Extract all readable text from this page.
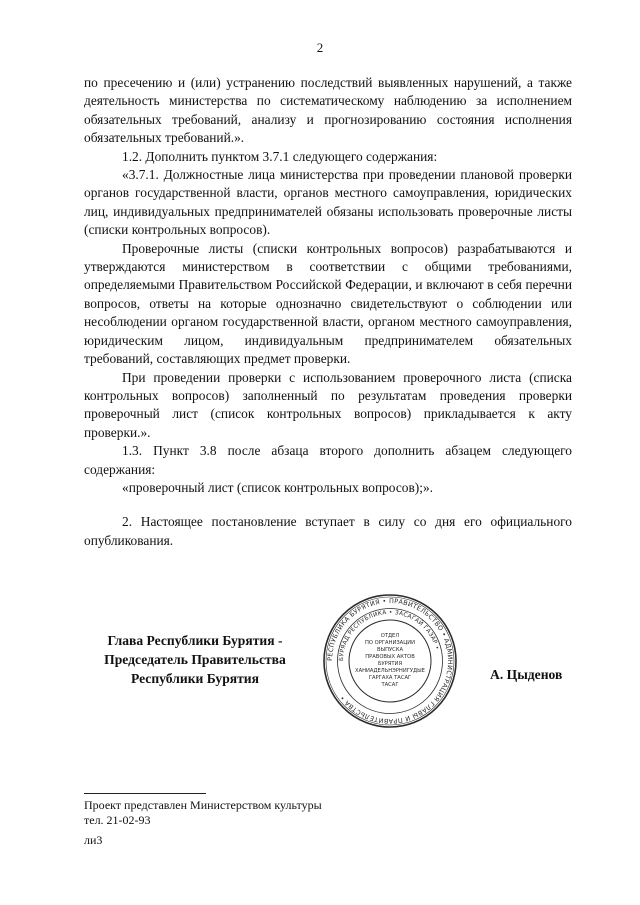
2

по пресечению и (или) устранению последствий выявленных нарушений, а также деятельность министерства по систематическому наблюдению за исполнением обязательных требований, анализу и прогнозированию состояния исполнения обязательных требований.».

1.2. Дополнить пунктом 3.7.1 следующего содержания:

«3.7.1. Должностные лица министерства при проведении плановой проверки органов государственной власти, органов местного самоуправления, юридических лиц, индивидуальных предпринимателей обязаны использовать проверочные листы (списки контрольных вопросов).

Проверочные листы (списки контрольных вопросов) разрабатываются и утверждаются министерством в соответствии с общими требованиями, определяемыми Правительством Российской Федерации, и включают в себя перечни вопросов, ответы на которые однозначно свидетельствуют о соблюдении или несоблюдении органом государственной власти, органом местного самоуправления, юридическим лицом, индивидуальным предпринимателем обязательных требований, составляющих предмет проверки.

При проведении проверки с использованием проверочного листа (списка контрольных вопросов) заполненный по результатам проведения проверки проверочный лист (список контрольных вопросов) прикладывается к акту проверки.».

1.3. Пункт 3.8 после абзаца второго дополнить абзацем следующего содержания:

«проверочный лист (список контрольных вопросов);».

2. Настоящее постановление вступает в силу со дня его официального опубликования.

Глава Республики Бурятия -
Председатель Правительства
Республики Бурятия
РЕСПУБЛИКА БУРЯТИЯ • ПРАВИТЕЛЬСТВО • АДМИНИСТРАЦИЯ ГЛАВЫ И ПРАВИТЕЛЬСТВА •
БУРЯАД РЕСПУБЛИКА • ЗАСАГАЙ ГАЗАР •
ОТДЕЛ
ПО ОРГАНИЗАЦИИ
ВЫПУСКА
ПРАВОВЫХ АКТОВ
БУРЯТИЯ
ХАНИАДЕЛЬНЭРНИГУДЫЕ
ГАРГАХА ТАСАГ
ТАСАГ
А. Цыденов
Проект представлен Министерством культуры
тел. 21-02-93
ли3
